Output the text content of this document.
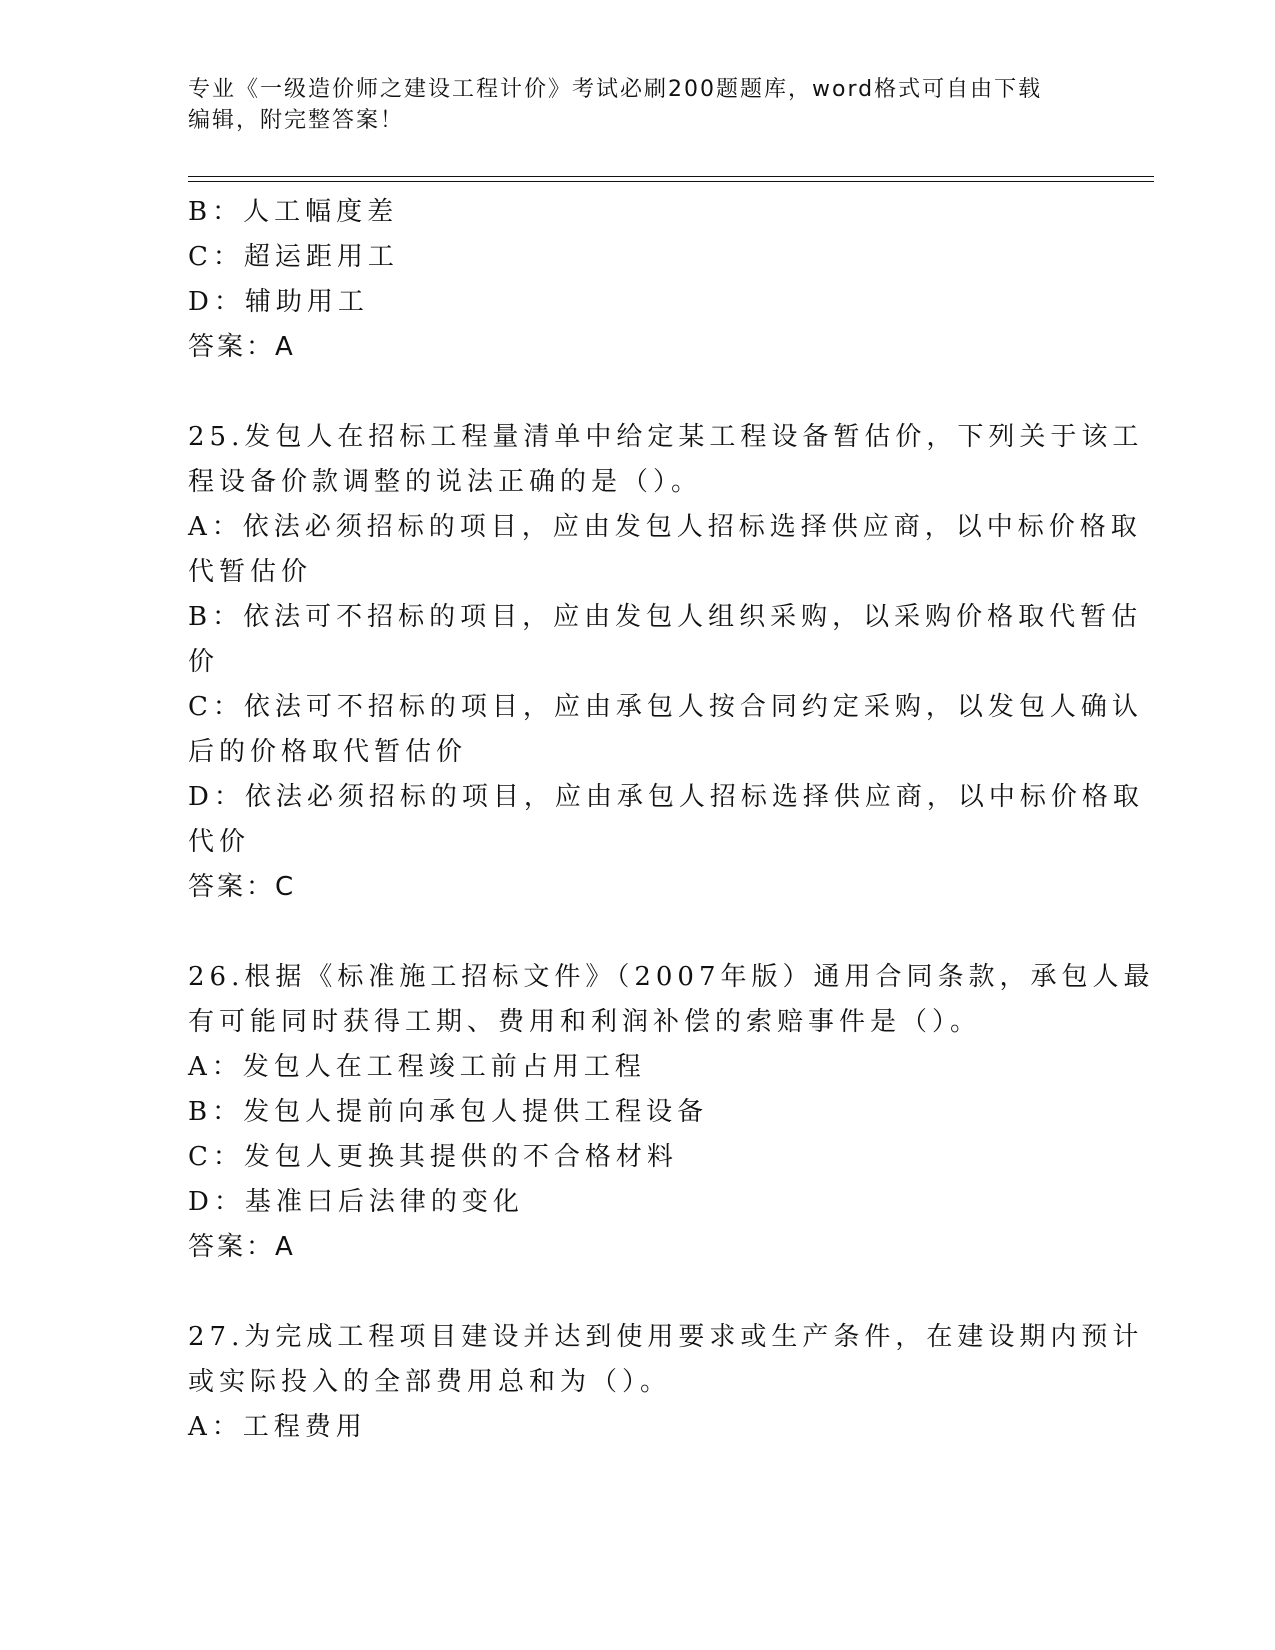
专业《一级造价师之建设工程计价》考试必刷200题题库，word格式可自由下载
编辑，附完整答案！
B：人工幅度差
C：超运距用工
D：辅助用工
答案：A
25.发包人在招标工程量清单中给定某工程设备暂估价，下列关于该工
程设备价款调整的说法正确的是（）。
A：依法必须招标的项目，应由发包人招标选择供应商，以中标价格取
代暂估价
B：依法可不招标的项目，应由发包人组织采购，以采购价格取代暂估
价
C：依法可不招标的项目，应由承包人按合同约定采购，以发包人确认
后的价格取代暂估价
D：依法必须招标的项目，应由承包人招标选择供应商，以中标价格取
代价
答案：C
26.根据《标准施工招标文件》（2007年版）通用合同条款，承包人最
有可能同时获得工期、费用和利润补偿的索赔事件是（）。
A：发包人在工程竣工前占用工程
B：发包人提前向承包人提供工程设备
C：发包人更换其提供的不合格材料
D：基准曰后法律的变化
答案：A
27.为完成工程项目建设并达到使用要求或生产条件，在建设期内预计
或实际投入的全部费用总和为（）。
A：工程费用
